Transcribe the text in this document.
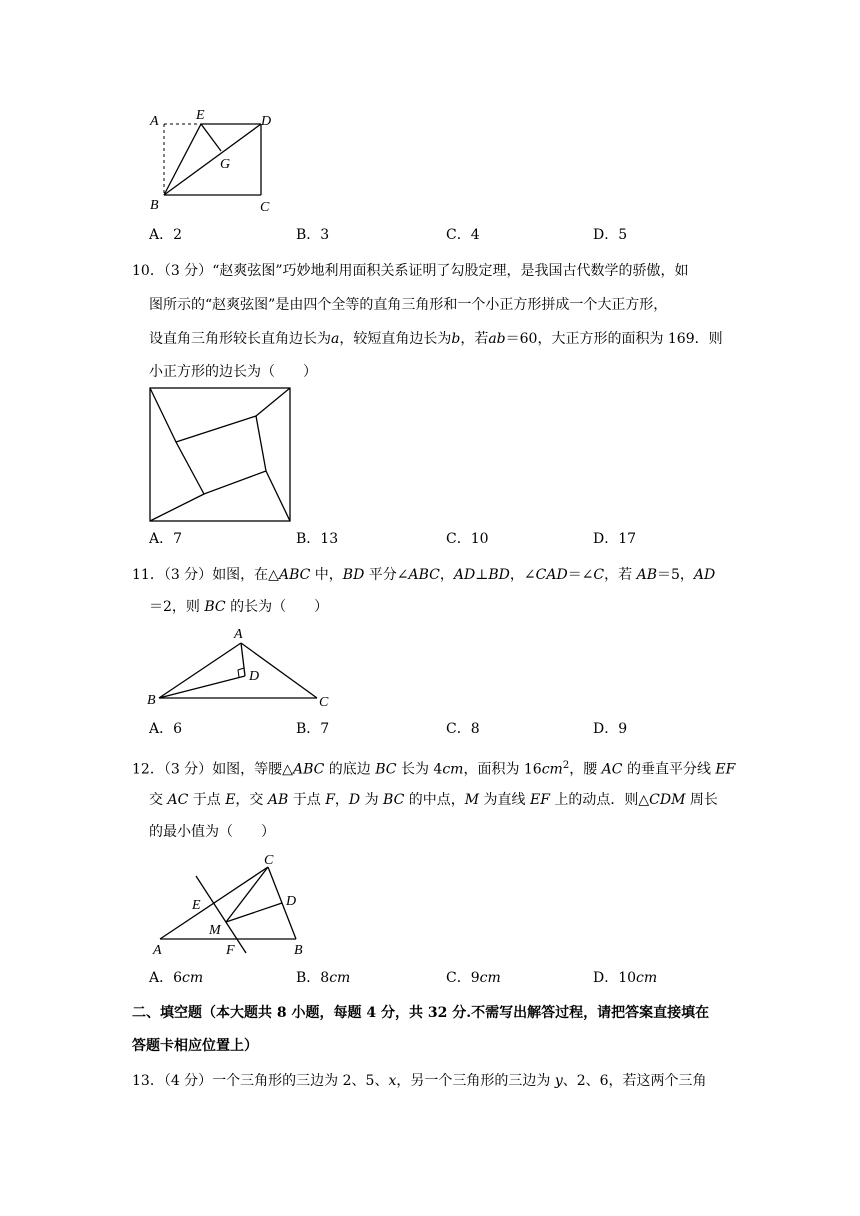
A	E	D
G
B	C
A．2	B．3	C．4	D．5
10．（3 分）“赵爽弦图”巧妙地利用面积关系证明了勾股定理，是我国古代数学的骄傲，如
图所示的“赵爽弦图”是由四个全等的直角三角形和一个小正方形拼成一个大正方形，
设直角三角形较长直角边长为a，较短直角边长为b，若ab＝60，大正方形的面积为 169．则
小正方形的边长为（　　）
A．7	B．13	C．10	D．17
11．（3 分）如图，在△ABC 中，BD 平分∠ABC，AD⊥BD，∠CAD＝∠C，若 AB＝5，AD
＝2，则 BC 的长为（　　）
A
D
B	C
A．6	B．7	C．8	D．9
12．（3 分）如图，等腰△ABC 的底边 BC 长为 4cm，面积为 $16cm^2$，腰 AC 的垂直平分线 EF
交 AC 于点 E，交 AB 于点 F，D 为 BC 的中点，M 为直线 EF 上的动点．则△CDM 周长
的最小值为（　　）
C
E	D
M
A	F	B
A．6cm	B．8cm	C．9cm	D．10cm
二、填空题（本大题共 8 小题，每题 4 分，共 32 分.不需写出解答过程，请把答案直接填在
答题卡相应位置上）
13．（4 分）一个三角形的三边为 2、5、x，另一个三角形的三边为 y、2、6，若这两个三角
